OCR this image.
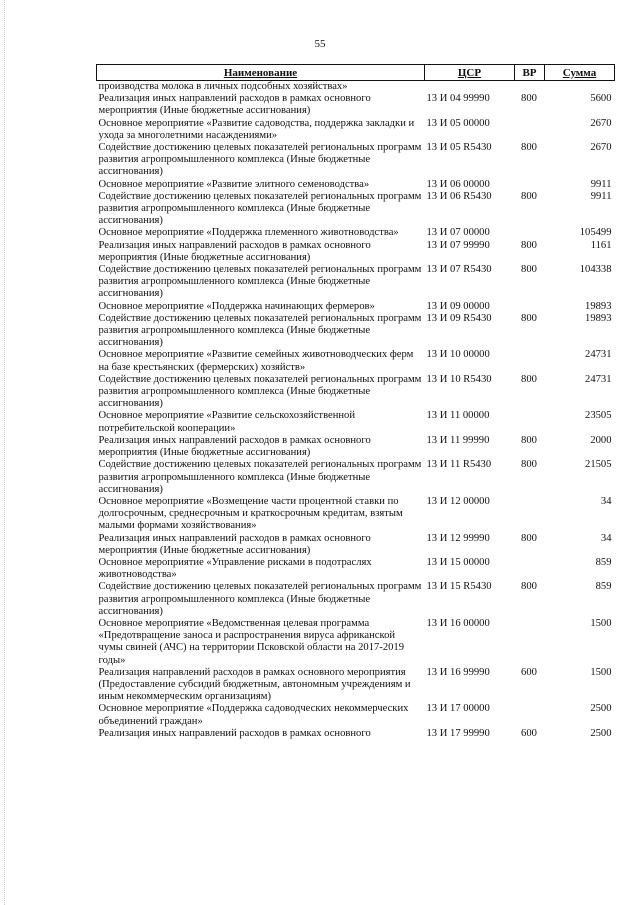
55
Наименование	ЦСР	ВР	Сумма
производства молока в личных подсобных хозяйствах»			
Реализация иных направлений расходов в рамках основного мероприятия (Иные бюджетные ассигнования)	13 И 04 99990	800	5600
Основное мероприятие «Развитие садоводства, поддержка закладки и ухода за многолетними насаждениями»	13 И 05 00000		2670
Содействие достижению целевых показателей региональных программ развития агропромышленного комплекса (Иные бюджетные ассигнования)	13 И 05 R5430	800	2670
Основное мероприятие «Развитие элитного семеноводства»	13 И 06 00000		9911
Содействие достижению целевых показателей региональных программ развития агропромышленного комплекса (Иные бюджетные ассигнования)	13 И 06 R5430	800	9911
Основное мероприятие «Поддержка племенного животноводства»	13 И 07 00000		105499
Реализация иных направлений расходов в рамках основного мероприятия (Иные бюджетные ассигнования)	13 И 07 99990	800	1161
Содействие достижению целевых показателей региональных программ развития агропромышленного комплекса (Иные бюджетные ассигнования)	13 И 07 R5430	800	104338
Основное мероприятие «Поддержка начинающих фермеров»	13 И 09 00000		19893
Содействие достижению целевых показателей региональных программ развития агропромышленного комплекса (Иные бюджетные ассигнования)	13 И 09 R5430	800	19893
Основное мероприятие «Развитие семейных животноводческих ферм на базе крестьянских (фермерских) хозяйств»	13 И 10 00000		24731
Содействие достижению целевых показателей региональных программ развития агропромышленного комплекса (Иные бюджетные ассигнования)	13 И 10 R5430	800	24731
Основное мероприятие «Развитие сельскохозяйственной потребительской кооперации»	13 И 11 00000		23505
Реализация иных направлений расходов в рамках основного мероприятия (Иные бюджетные ассигнования)	13 И 11 99990	800	2000
Содействие достижению целевых показателей региональных программ развития агропромышленного комплекса (Иные бюджетные ассигнования)	13 И 11 R5430	800	21505
Основное мероприятие «Возмещение части процентной ставки по долгосрочным, среднесрочным и краткосрочным кредитам, взятым малыми формами хозяйствования»	13 И 12 00000		34
Реализация иных направлений расходов в рамках основного мероприятия (Иные бюджетные ассигнования)	13 И 12 99990	800	34
Основное мероприятие «Управление рисками в подотраслях животноводства»	13 И 15 00000		859
Содействие достижению целевых показателей региональных программ развития агропромышленного комплекса (Иные бюджетные ассигнования)	13 И 15 R5430	800	859
Основное мероприятие «Ведомственная целевая программа «Предотвращение заноса и распространения вируса африканской чумы свиней (АЧС) на территории Псковской области на 2017-2019 годы»	13 И 16 00000		1500
Реализация направлений расходов в рамках основного мероприятия (Предоставление субсидий бюджетным, автономным учреждениям и иным некоммерческим организациям)	13 И 16 99990	600	1500
Основное мероприятие «Поддержка садоводческих некоммерческих объединений граждан»	13 И 17 00000		2500
Реализация иных направлений расходов в рамках основного	13 И 17 99990	600	2500
